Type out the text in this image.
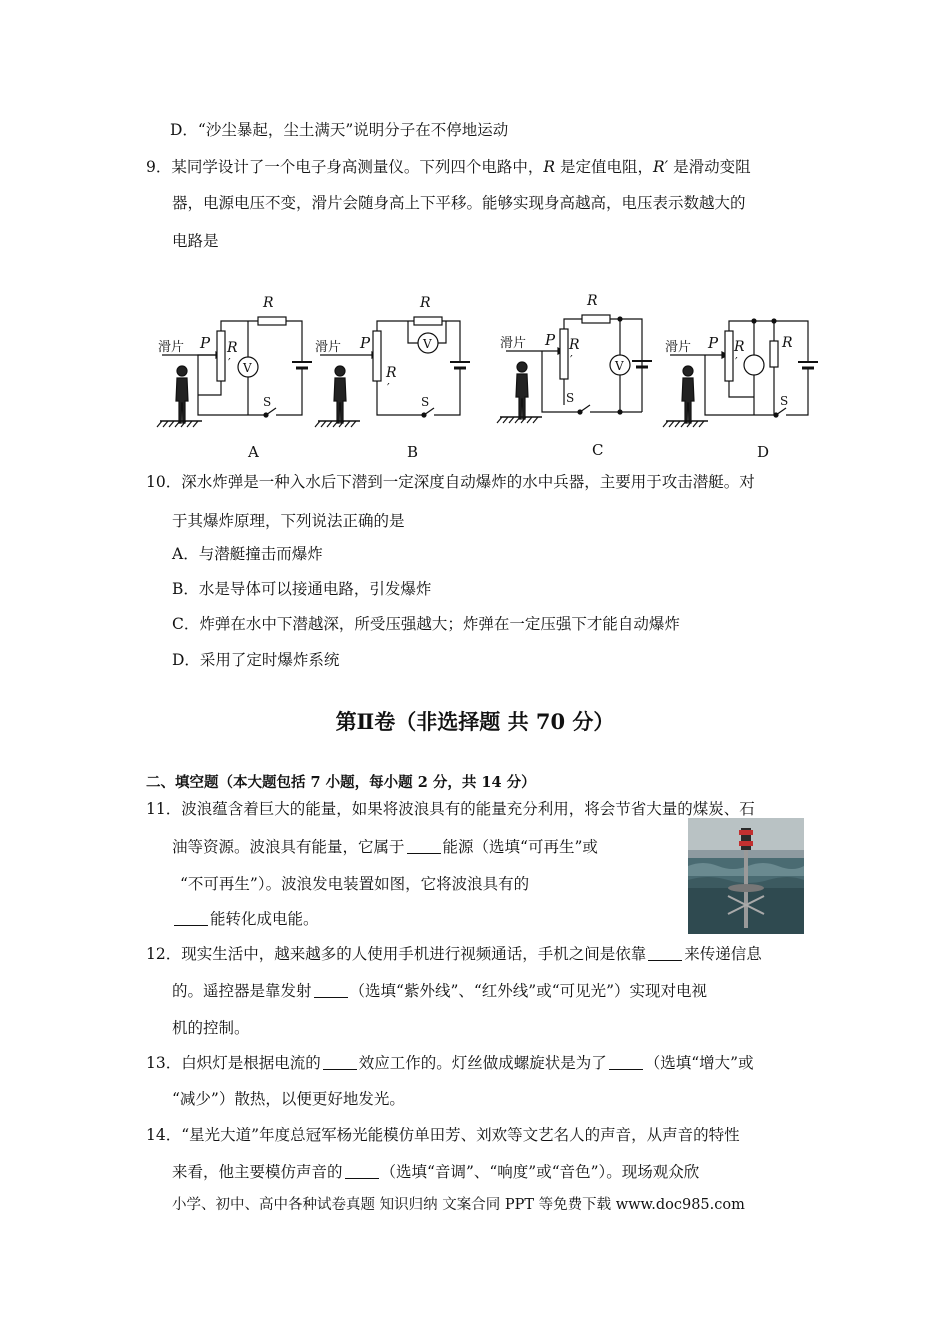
D．“沙尘暴起，尘土满天”说明分子在不停地运动
9．某同学设计了一个电子身高测量仪。下列四个电路中，R 是定值电阻，R′ 是滑动变阻
器，电源电压不变，滑片会随身高上下平移。能够实现身高越高，电压表示数越大的
电路是
滑片 P R
′
R
S
V
滑片 P
R
′
S
R
V	滑片 P R
′
R
V
S
滑片 P R
′
R
S
A	B	C	D
10．深水炸弹是一种入水后下潜到一定深度自动爆炸的水中兵器，主要用于攻击潜艇。对
于其爆炸原理，下列说法正确的是
A．与潜艇撞击而爆炸
B．水是导体可以接通电路，引发爆炸
C．炸弹在水中下潜越深，所受压强越大；炸弹在一定压强下才能自动爆炸
D．采用了定时爆炸系统
第Ⅱ卷（非选择题 共 70 分）
二、填空题（本大题包括 7 小题，每小题 2 分，共 14 分）
11．波浪蕴含着巨大的能量，如果将波浪具有的能量充分利用，将会节省大量的煤炭、石
油等资源。波浪具有能量，它属于 能源（选填“可再生”或
“不可再生”）。波浪发电装置如图，它将波浪具有的
能转化成电能。
12．现实生活中，越来越多的人使用手机进行视频通话，手机之间是依靠 来传递信息
的。遥控器是靠发射 （选填“紫外线”、“红外线”或“可见光”）实现对电视
机的控制。
13．白炽灯是根据电流的 效应工作的。灯丝做成螺旋状是为了 （选填“增大”或
“减少”）散热，以便更好地发光。
14．“星光大道”年度总冠军杨光能模仿单田芳、刘欢等文艺名人的声音，从声音的特性
来看，他主要模仿声音的 （选填“音调”、“响度”或“音色”）。现场观众欣
小学、初中、高中各种试卷真题 知识归纳 文案合同 PPT 等免费下载 www.doc985.com
